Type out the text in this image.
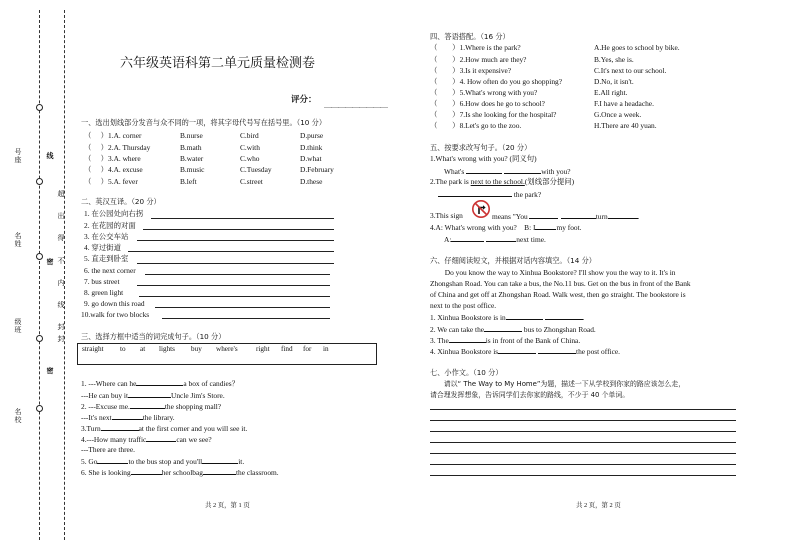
号座
名姓
级班
名校
线
超
出
得
不
内
线
封
密
封
密
六年级英语科第二单元质量检测卷
评分： ＿＿＿＿＿＿＿＿＿
一、选出划线部分发音与众不同的一项，将其字母代号写在括号里。（10 分）
（　 ）1.A. corner	B.nurse	C.bird	D.purse
（　 ）2.A. Thursday	B.math	C.with	D.think
（　 ）3.A. where	B.water	C.who	D.what
（　 ）4.A. excuse	B.music	C.Tuesday	D.February
（　 ）5.A. fever	B.left	C.street	D.these
二、英汉互译。（20 分）
1. 在公园处向右拐
2. 在花园的对面
3. 在公交车站
4. 穿过街道
5. 直走到卧室
6. the next corner
7. bus street
8. green light
9. go down this road
10.walk for two blocks
三、选择方框中适当的词完成句子。（10 分）
straight to at lights buy where's	right find for in
1. ---Where can he	a box of candies？
---He can buy it	Uncle Jim's Store.
2. ---Excuse me.	the shopping mall?
---It's next	the library.
3.Turn	at the first corner and you will see it.
4.---How many traffic	can we see?
---There are three.
5. Go	to the bus stop and you'll	it.
6. She is looking	her schoolbag	the classroom.
共 2 页，第 1 页
四、答语搭配。（16 分）
（　　）1.Where is the park?	A.He goes to school by bike.
（　　）2.How much are they?	B.Yes, she is.
（　　）3.Is it expensive?	C.It's next to our school.
（　　）4. How often do you go shopping?	D.No, it isn't.
（　　）5.What's wrong with you?	E.All right.
（　　）6.How does he go to school?	F.I have a headache.
（　　）7.Is she looking for the hospital?	G.Once a week.
（　　）8.Let's go to the zoo.	H.There are 40 yuan.
五、按要求改写句子。（20 分）
1.What's wrong with you? (同义句)
What's	with you?
2.The park is next to the school.(划线部分提问)
the park?
3.This sign	means "You	turn	.
4.A: What's wrong with you?　B: I	my foot.
A:	next time.
六、仔细阅读短文，并根据对话内容填空。（14 分）
　　Do you know the way to Xinhua Bookstore? I'll show you the way to it. It's in
Zhongshan Road. You can take a bus, the No.11 bus. Get on the bus in front of the Bank
of China and get off at Zhongshan Road. Walk west, then go straight. The bookstore is
next to the post office.
1. Xinhua Bookstore is in	.
2. We can take the	bus to Zhongshan Road.
3. The	is in front of the Bank of China.
4. Xinhua Bookstore is	the post office.
七、小作文。（10 分）
　　请以“ The Way to My Home”为题，描述一下从学校到你家的路应该怎么走，
请合理发挥想象，告诉同学们去你家的路线，不少于 40 个单词。
共 2 页，第 2 页
